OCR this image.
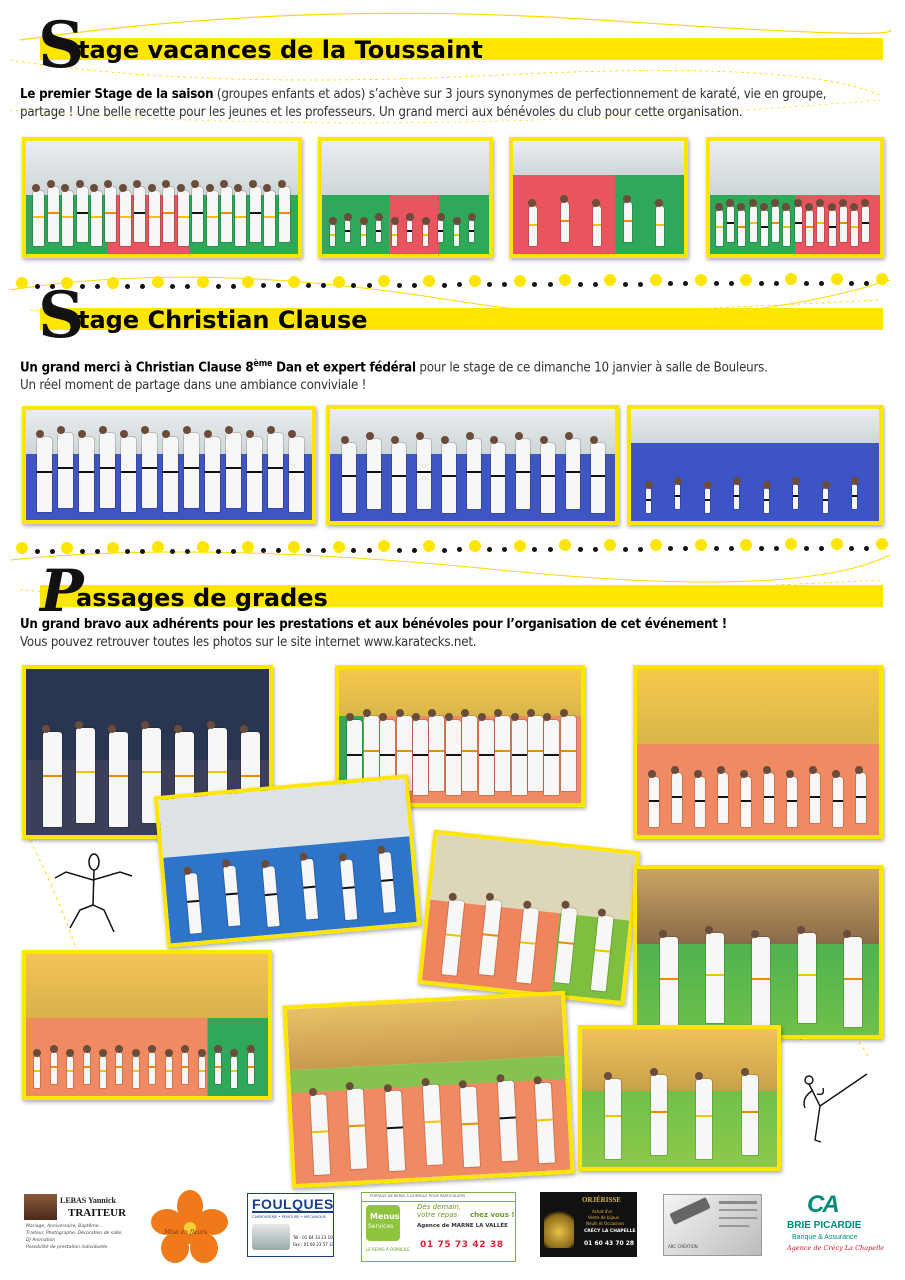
S
tage vacances de la Toussaint
Le premier Stage de la saison (groupes enfants et ados) s’achève sur 3 jours synonymes de perfectionnement de karaté, vie en groupe,
partage ! Une belle recette pour les jeunes et les professeurs. Un grand merci aux bénévoles du club pour cette organisation.
S
tage Christian Clause
Un grand merci à Christian Clause 8ème Dan et expert fédéral pour le stage de ce dimanche 10 janvier à salle de Bouleurs.
Un réel moment de partage dans une ambiance conviviale !
P
assages de grades
Un grand bravo aux adhérents pour les prestations et aux bénévoles pour l’organisation de cet événement !
Vous pouvez retrouver toutes les photos sur le site internet www.karatecks.net.
LEBAS Yannick
TRAITEUR
Mariage, Anniversaire, Baptême...
Traiteur, Photographe, Décoration de salle,
DJ Animation
Possibilité de prestation individuelle
Mise en fleurs
FOULQUES
CARROSSERIE • PEINTURE • MÉCANIQUE
Tél : 01 64 33 23 10
Fax : 01 60 23 57 37
PORTAGE DE REPAS À DOMICILE POUR PARTICULIERS
Menus
Services
Dès demain,
votre repas chez vous !
Agence de MARNE LA VALLÉE
01 75 73 42 38
LE REPAS À DOMICILE
ORJÉRISSE
Achat d'or
Vente de bijoux
Neufs et Occasions
CRÉCY LA CHAPELLE
01 60 43 70 28	ABC CRÉATION
CA
BRIE PICARDIE
Banque & Assurance
Agence de Crécy La Chapelle
